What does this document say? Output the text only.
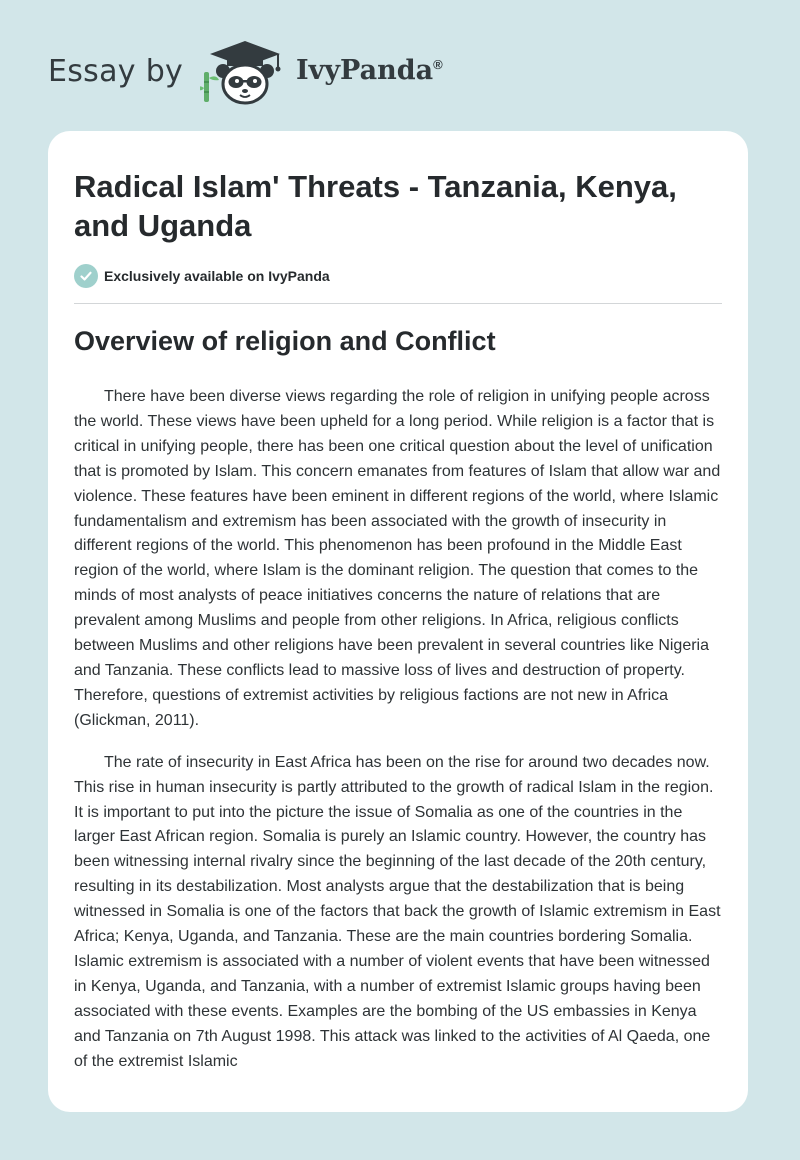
Essay by	IvyPanda®
Radical Islam' Threats - Tanzania, Kenya, and Uganda
Exclusively available on IvyPanda
Overview of religion and Conflict

There have been diverse views regarding the role of religion in unifying people across the world. These views have been upheld for a long period. While religion is a factor that is critical in unifying people, there has been one critical question about the level of unification that is promoted by Islam. This concern emanates from features of Islam that allow war and violence. These features have been eminent in different regions of the world, where Islamic fundamentalism and extremism has been associated with the growth of insecurity in different regions of the world. This phenomenon has been profound in the Middle East region of the world, where Islam is the dominant religion. The question that comes to the minds of most analysts of peace initiatives concerns the nature of relations that are prevalent among Muslims and people from other religions. In Africa, religious conflicts between Muslims and other religions have been prevalent in several countries like Nigeria and Tanzania. These conflicts lead to massive loss of lives and destruction of property. Therefore, questions of extremist activities by religious factions are not new in Africa (Glickman, 2011).

The rate of insecurity in East Africa has been on the rise for around two decades now. This rise in human insecurity is partly attributed to the growth of radical Islam in the region. It is important to put into the picture the issue of Somalia as one of the countries in the larger East African region. Somalia is purely an Islamic country. However, the country has been witnessing internal rivalry since the beginning of the last decade of the 20th century, resulting in its destabilization. Most analysts argue that the destabilization that is being witnessed in Somalia is one of the factors that back the growth of Islamic extremism in East Africa; Kenya, Uganda, and Tanzania. These are the main countries bordering Somalia. Islamic extremism is associated with a number of violent events that have been witnessed in Kenya, Uganda, and Tanzania, with a number of extremist Islamic groups having been associated with these events. Examples are the bombing of the US embassies in Kenya and Tanzania on 7th August 1998. This attack was linked to the activities of Al Qaeda, one of the extremist Islamic
